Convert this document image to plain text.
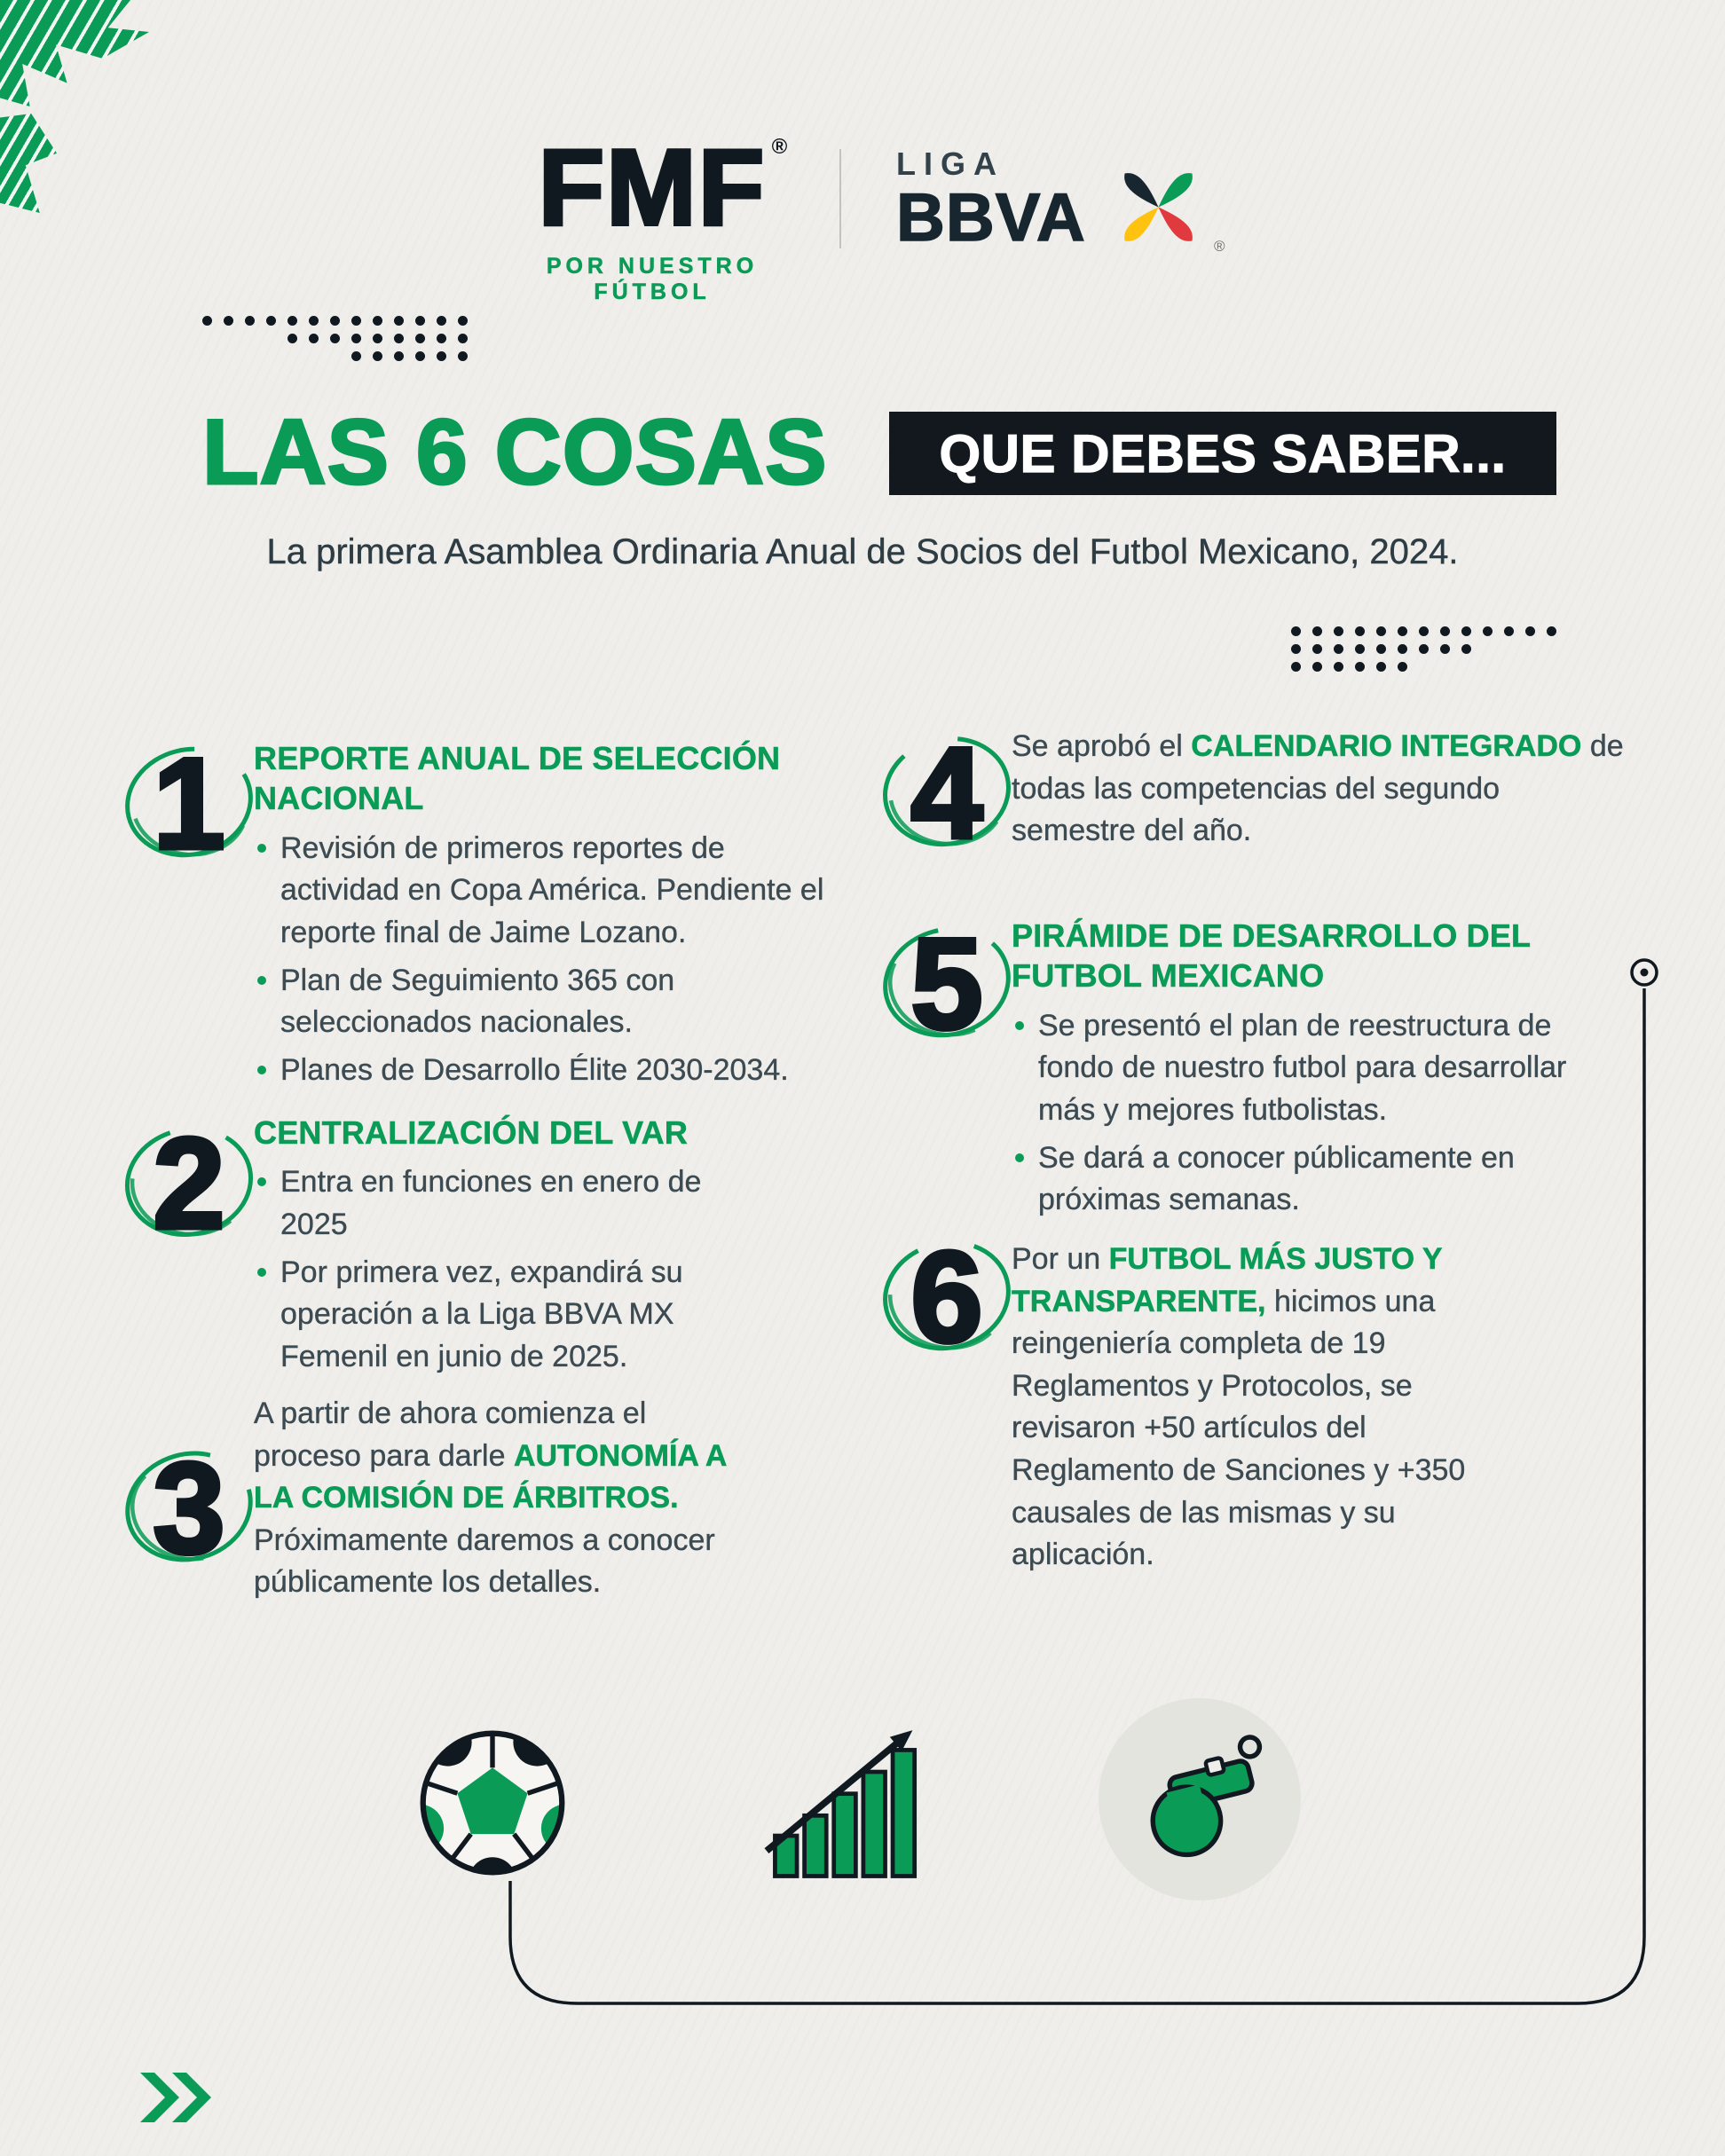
FMF ®
POR NUESTRO FÚTBOL
LIGA
BBVA	®
LAS 6 COSAS QUE DEBES SABER...

La primera Asamblea Ordinaria Anual de Socios del Futbol Mexicano, 2024.

1 REPORTE ANUAL DE SELECCIÓN NACIONAL

Revisión de primeros reportes de actividad en Copa América. Pendiente el reporte final de Jaime Lozano.

Plan de Seguimiento 365 con seleccionados nacionales.

Planes de Desarrollo Élite 2030-2034.

2 CENTRALIZACIÓN DEL VAR

Entra en funciones en enero de 2025

Por primera vez, expandirá su operación a la Liga BBVA MX Femenil en junio de 2025.

3

A partir de ahora comienza el proceso para darle AUTONOMÍA A LA COMISIÓN DE ÁRBITROS. Próximamente daremos a conocer públicamente los detalles.

4 Se aprobó el CALENDARIO INTEGRADO de todas las competencias del segundo semestre del año.

5 PIRÁMIDE DE DESARROLLO DEL FUTBOL MEXICANO

Se presentó el plan de reestructura de fondo de nuestro futbol para desarrollar más y mejores futbolistas.

Se dará a conocer públicamente en próximas semanas.

6 Por un FUTBOL MÁS JUSTO Y TRANSPARENTE, hicimos una reingeniería completa de 19 Reglamentos y Protocolos, se revisaron +50 artículos del Reglamento de Sanciones y +350 causales de las mismas y su aplicación.
